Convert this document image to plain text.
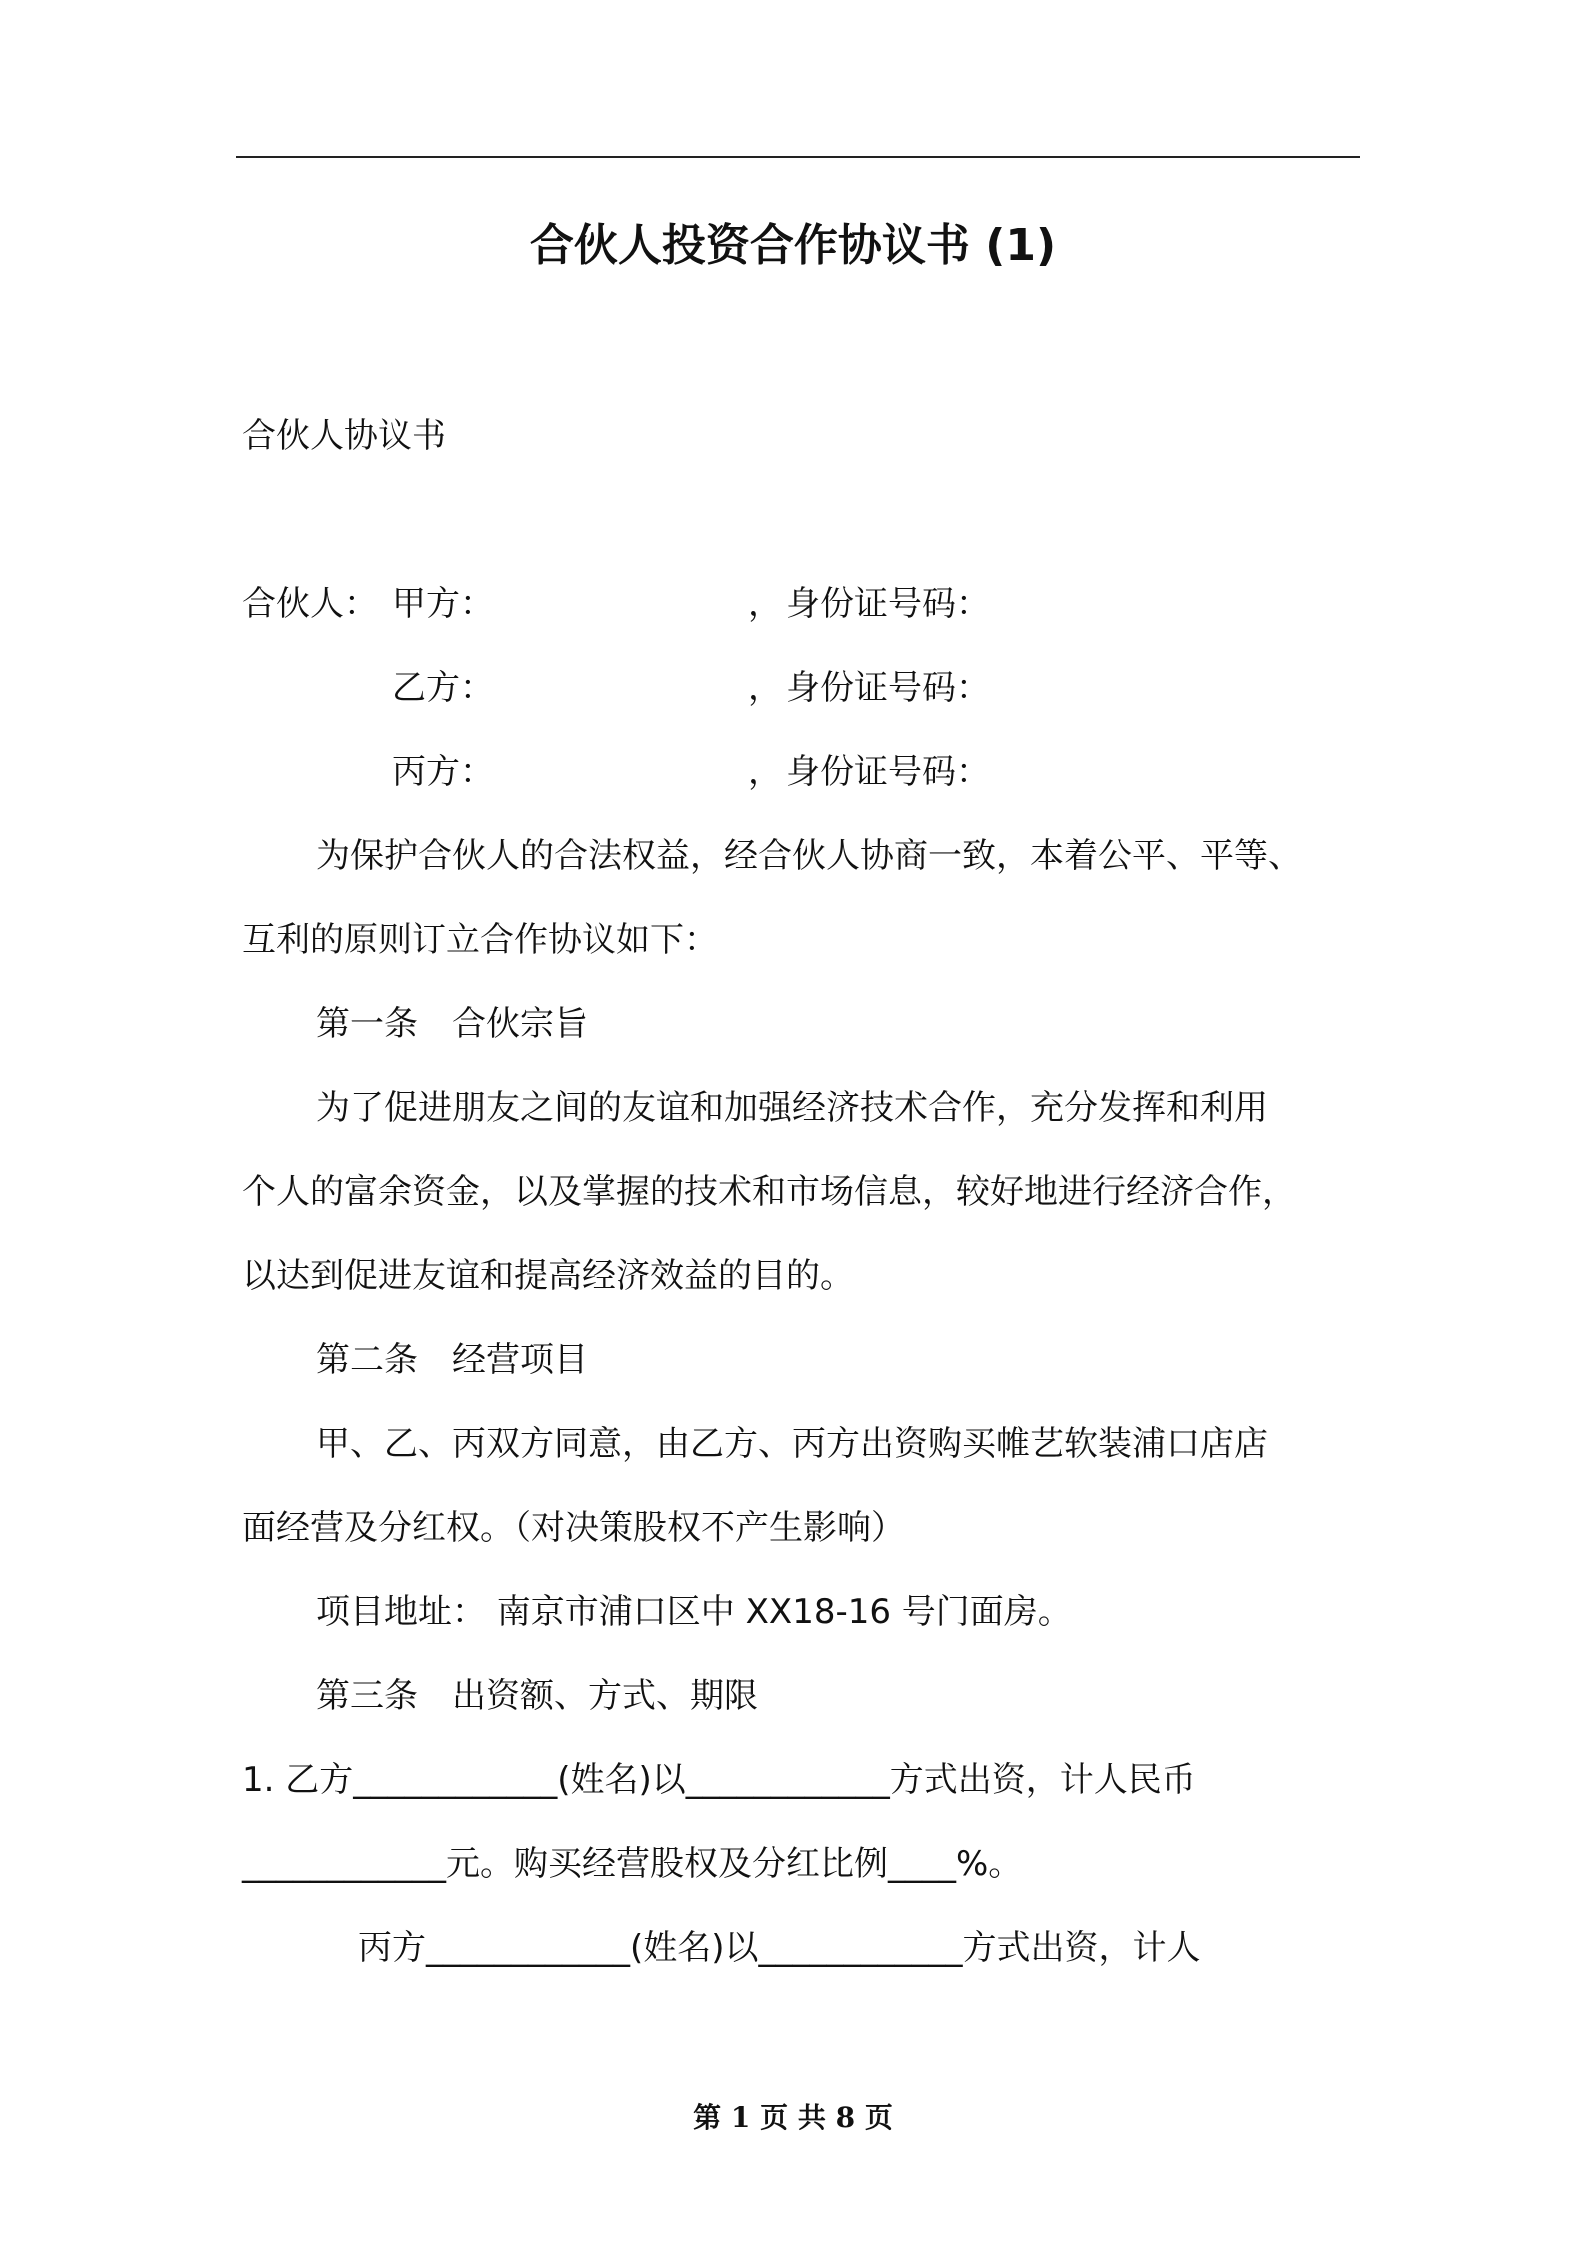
合伙人投资合作协议书 (1)
合伙人协议书
合伙人： 甲方：	， 身份证号码：
乙方：	， 身份证号码：
丙方：	， 身份证号码：
为保护合伙人的合法权益，经合伙人协商一致，本着公平、平等、
互利的原则订立合作协议如下：
第一条　合伙宗旨
为了促进朋友之间的友谊和加强经济技术合作，充分发挥和利用
个人的富余资金，以及掌握的技术和市场信息，较好地进行经济合作，
以达到促进友谊和提高经济效益的目的。
第二条　经营项目
甲、乙、丙双方同意，由乙方、丙方出资购买帷艺软装浦口店店
面经营及分红权。（对决策股权不产生影响）
项目地址： 南京市浦口区中 XX18-16 号门面房。
第三条　出资额、方式、期限
1. 乙方____________(姓名)以____________方式出资，计人民币
____________元。购买经营股权及分红比例____%。
丙方____________(姓名)以____________方式出资，计人
第 1 页 共 8 页
